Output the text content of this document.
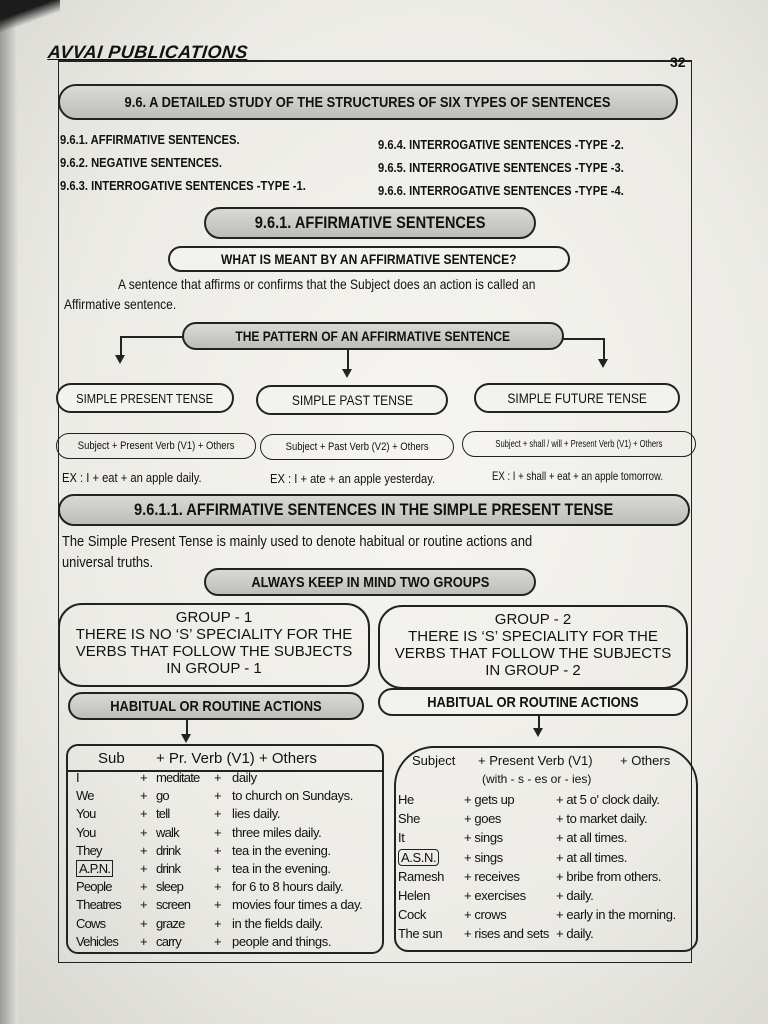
AVVAI PUBLICATIONS	32
9.6. A DETAILED STUDY OF THE STRUCTURES OF SIX TYPES OF SENTENCES
9.6.1. AFFIRMATIVE SENTENCES.
9.6.2. NEGATIVE SENTENCES.
9.6.3. INTERROGATIVE SENTENCES -TYPE -1.
9.6.4. INTERROGATIVE SENTENCES -TYPE -2.
9.6.5. INTERROGATIVE SENTENCES -TYPE -3.
9.6.6. INTERROGATIVE SENTENCES -TYPE -4.
9.6.1. AFFIRMATIVE SENTENCES
WHAT IS MEANT BY AN AFFIRMATIVE SENTENCE?
A sentence that affirms or confirms that the Subject does an action is called an
Affirmative sentence.
THE PATTERN OF AN AFFIRMATIVE SENTENCE
SIMPLE PRESENT TENSE	SIMPLE PAST TENSE	SIMPLE FUTURE TENSE
Subject + Present Verb (V1) + Others	Subject + Past Verb (V2) + Others	Subject + shall / will + Present Verb (V1) + Others
EX : I + eat + an apple daily.	EX : I + ate + an apple yesterday.	EX : I + shall + eat + an apple tomorrow.
9.6.1.1. AFFIRMATIVE SENTENCES IN THE SIMPLE PRESENT TENSE
The Simple Present Tense is mainly used to denote habitual or routine actions and
universal truths.
ALWAYS KEEP IN MIND TWO GROUPS
GROUP - 1
THERE IS NO ‘S’ SPECIALITY FOR THE
VERBS THAT FOLLOW THE SUBJECTS
IN GROUP - 1
GROUP - 2
THERE IS ‘S’ SPECIALITY FOR THE
VERBS THAT FOLLOW THE SUBJECTS
IN GROUP - 2
HABITUAL OR ROUTINE ACTIONS	HABITUAL OR ROUTINE ACTIONS
Sub + Pr. Verb (V1) + Others
I	+ meditate + daily
We	+ go	+ to church on Sundays.
You	+ tell	+ lies daily.
You	+ walk	+ three miles daily.
They	+ drink	+ tea in the evening.
A.P.N. + drink	+ tea in the evening.
People + sleep + for 6 to 8 hours daily.
Theatres + screen + movies four times a day.
Cows	+ graze + in the fields daily.
Vehicles + carry	+ people and things.
Subject + Present Verb (V1) + Others
(with - s - es or - ies)
He	+ gets up	+ at 5 o' clock daily.
She	+ goes	+ to market daily.
It	+ sings	+ at all times.
A.S.N. + sings	+ at all times.
Ramesh + receives	+ bribe from others.
Helen	+ exercises + daily.
Cock	+ crows	+ early in the morning.
The sun + rises and sets + daily.
